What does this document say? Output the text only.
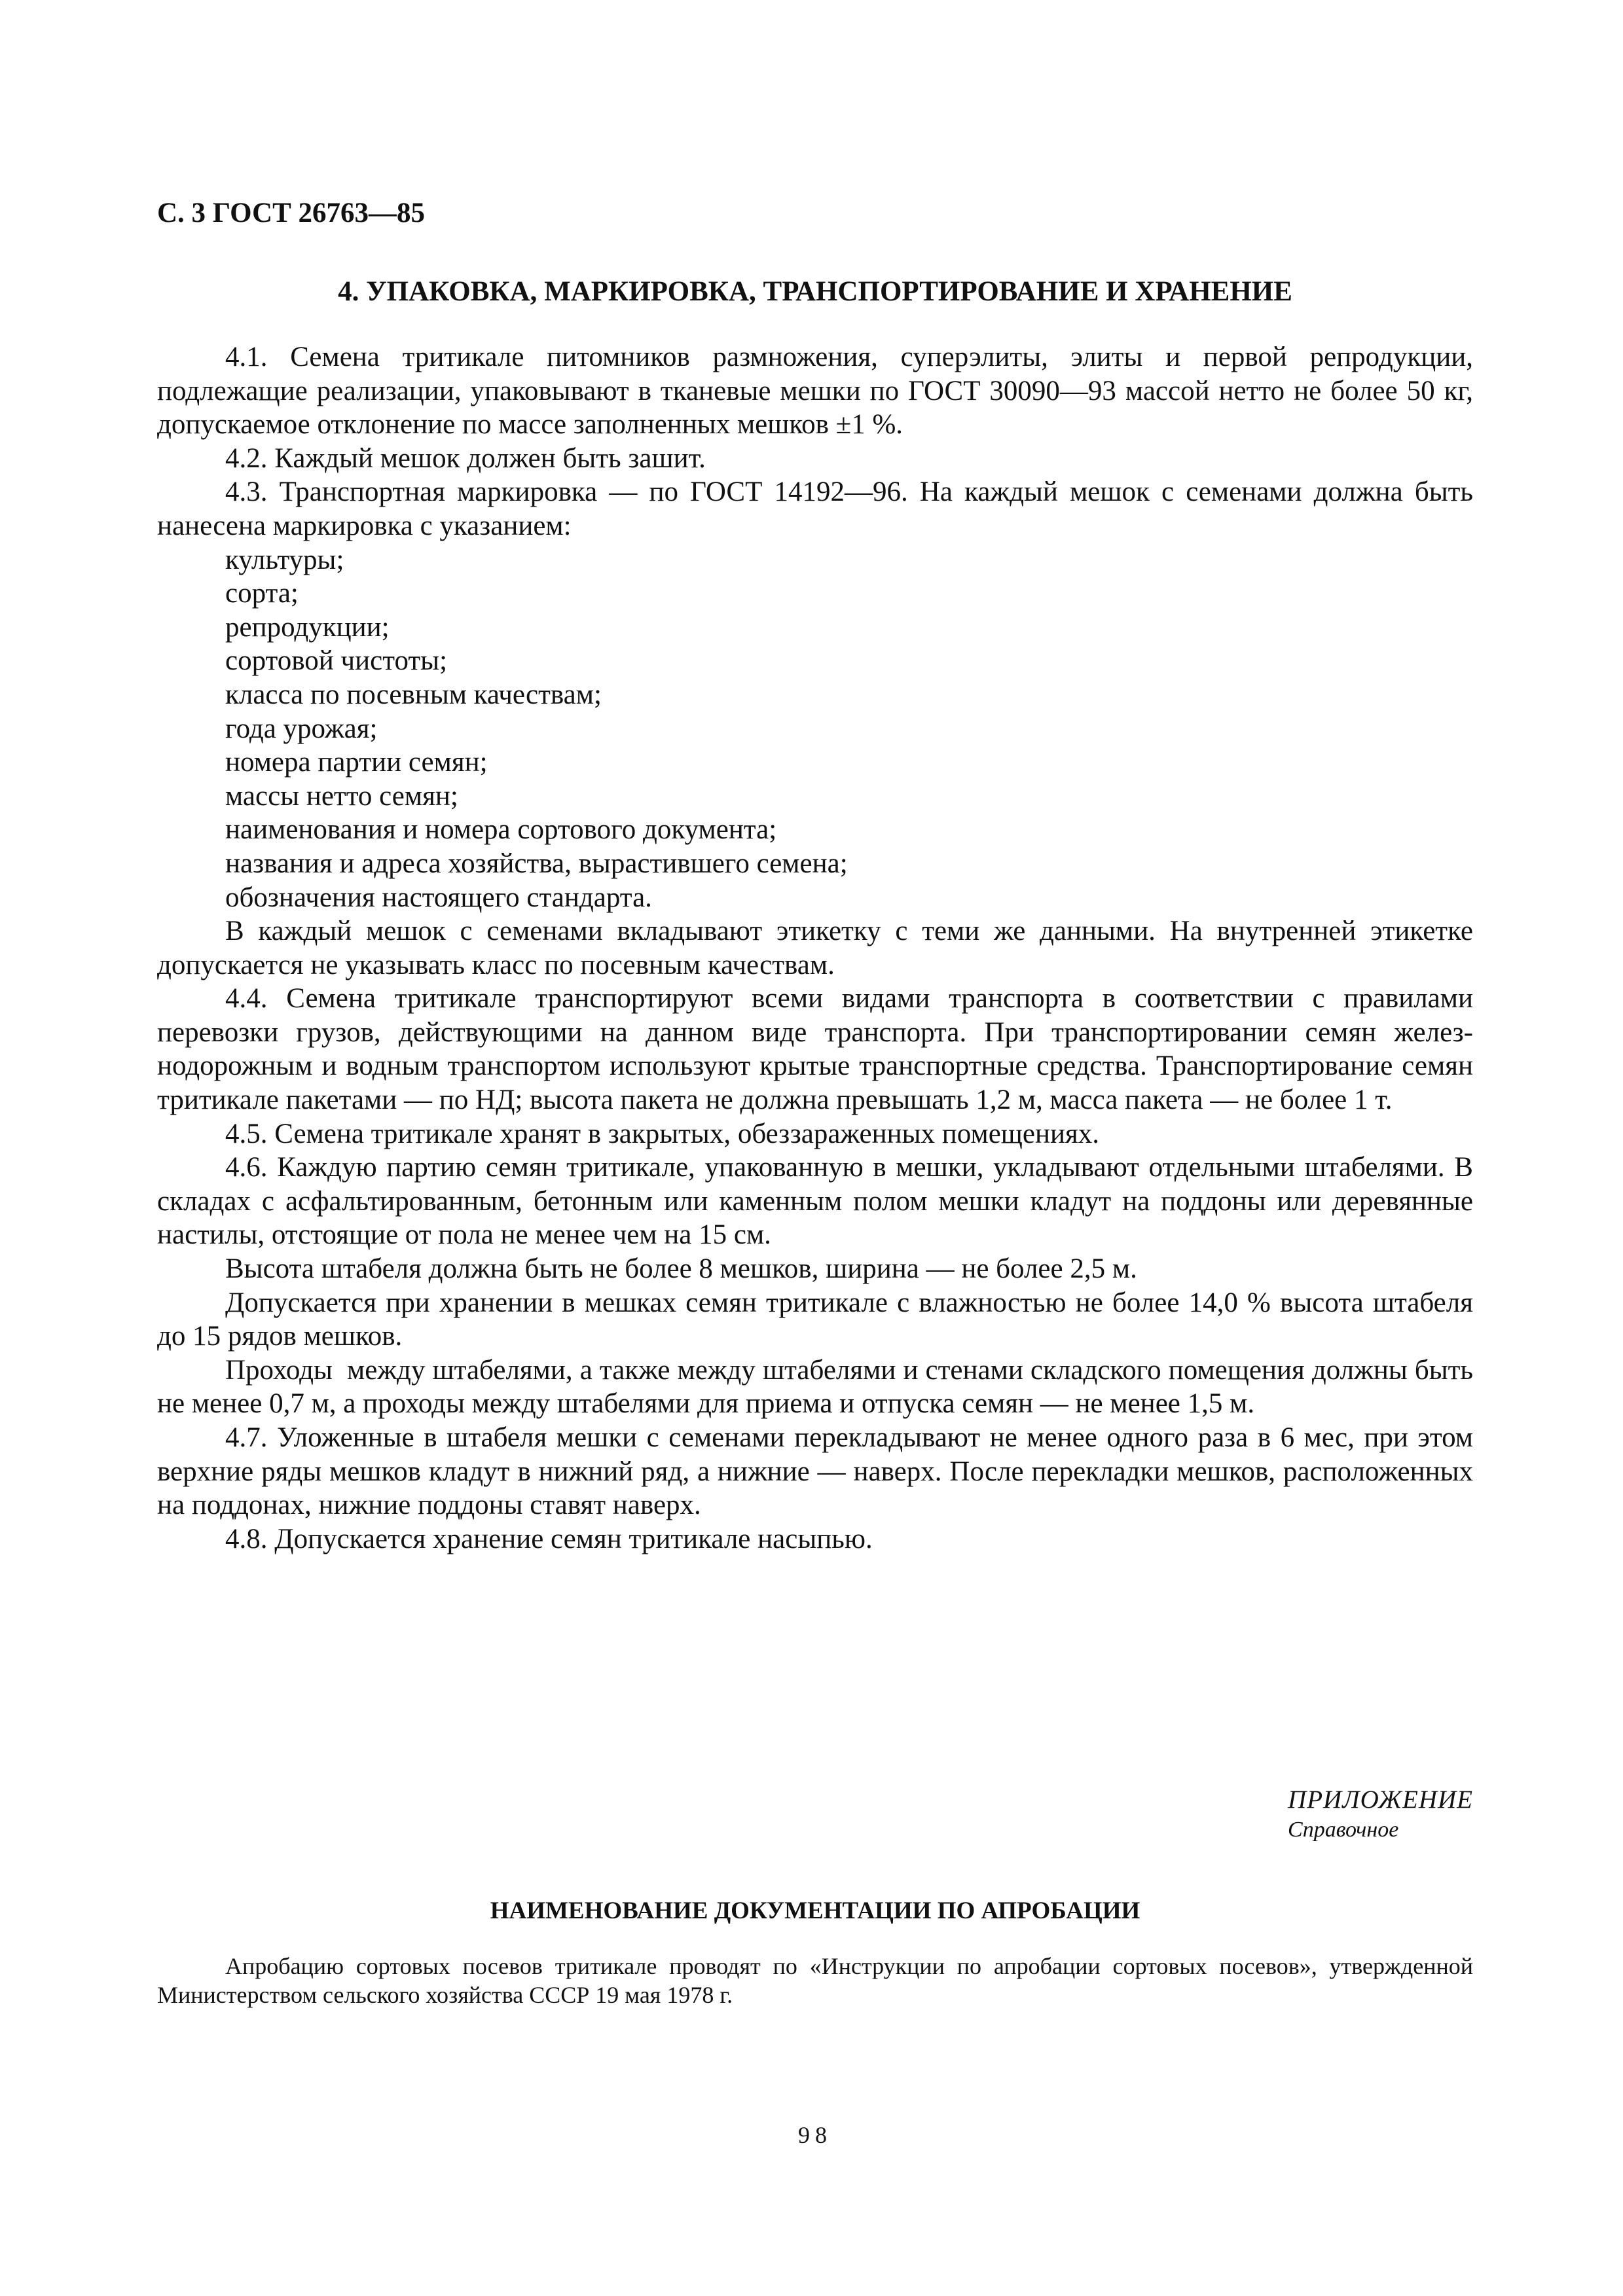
С. 3 ГОСТ 26763—85
4. УПАКОВКА, МАРКИРОВКА, ТРАНСПОРТИРОВАНИЕ И ХРАНЕНИЕ

4.1. Семена тритикале питомников размножения, суперэлиты, элиты и первой репродукции, подлежащие реализации, упаковывают в тканевые мешки по ГОСТ 30090—93 массой нетто не более 50 кг, допускаемое отклонение по массе заполненных мешков ±1 %.

4.2. Каждый мешок должен быть зашит.

4.3. Транспортная маркировка — по ГОСТ 14192—96. На каждый мешок с семенами должна быть нанесена маркировка с указанием:

культуры;
сорта;
репродукции;
сортовой чистоты;
класса по посевным качествам;
года урожая;
номера партии семян;
массы нетто семян;
наименования и номера сортового документа;
названия и адреса хозяйства, вырастившего семена;
обозначения настоящего стандарта.

В каждый мешок с семенами вкладывают этикетку с теми же данными. На внутренней этикетке допускается не указывать класс по посевным качествам.

4.4. Семена тритикале транспортируют всеми видами транспорта в соответствии с правилами перевозки грузов, действующими на данном виде транспорта. При транспортировании семян железнодорожным и водным транспортом используют крытые транспортные средства. Транспортирование семян тритикале пакетами — по НД; высота пакета не должна превышать 1,2 м, масса пакета — не более 1 т.

4.5. Семена тритикале хранят в закрытых, обеззараженных помещениях.

4.6. Каждую партию семян тритикале, упакованную в мешки, укладывают отдельными штабелями. В складах с асфальтированным, бетонным или каменным полом мешки кладут на поддоны или деревянные настилы, отстоящие от пола не менее чем на 15 см.

Высота штабеля должна быть не более 8 мешков, ширина — не более 2,5 м.

Допускается при хранении в мешках семян тритикале с влажностью не более 14,0 % высота штабеля до 15 рядов мешков.

Проходы  между штабелями, а также между штабелями и стенами складского помещения должны быть не менее 0,7 м, а проходы между штабелями для приема и отпуска семян — не менее 1,5 м.

4.7. Уложенные в штабеля мешки с семенами перекладывают не менее одного раза в 6 мес, при этом верхние ряды мешков кладут в нижний ряд, а нижние — наверх. После перекладки мешков, расположенных на поддонах, нижние поддоны ставят наверх.

4.8. Допускается хранение семян тритикале насыпью.

ПРИЛОЖЕНИЕ
Справочное
НАИМЕНОВАНИЕ ДОКУМЕНТАЦИИ ПО АПРОБАЦИИ

Апробацию сортовых посевов тритикале проводят по «Инструкции по апробации сортовых посевов», утвержденной Министерством сельского хозяйства СССР 19 мая 1978 г.

98
